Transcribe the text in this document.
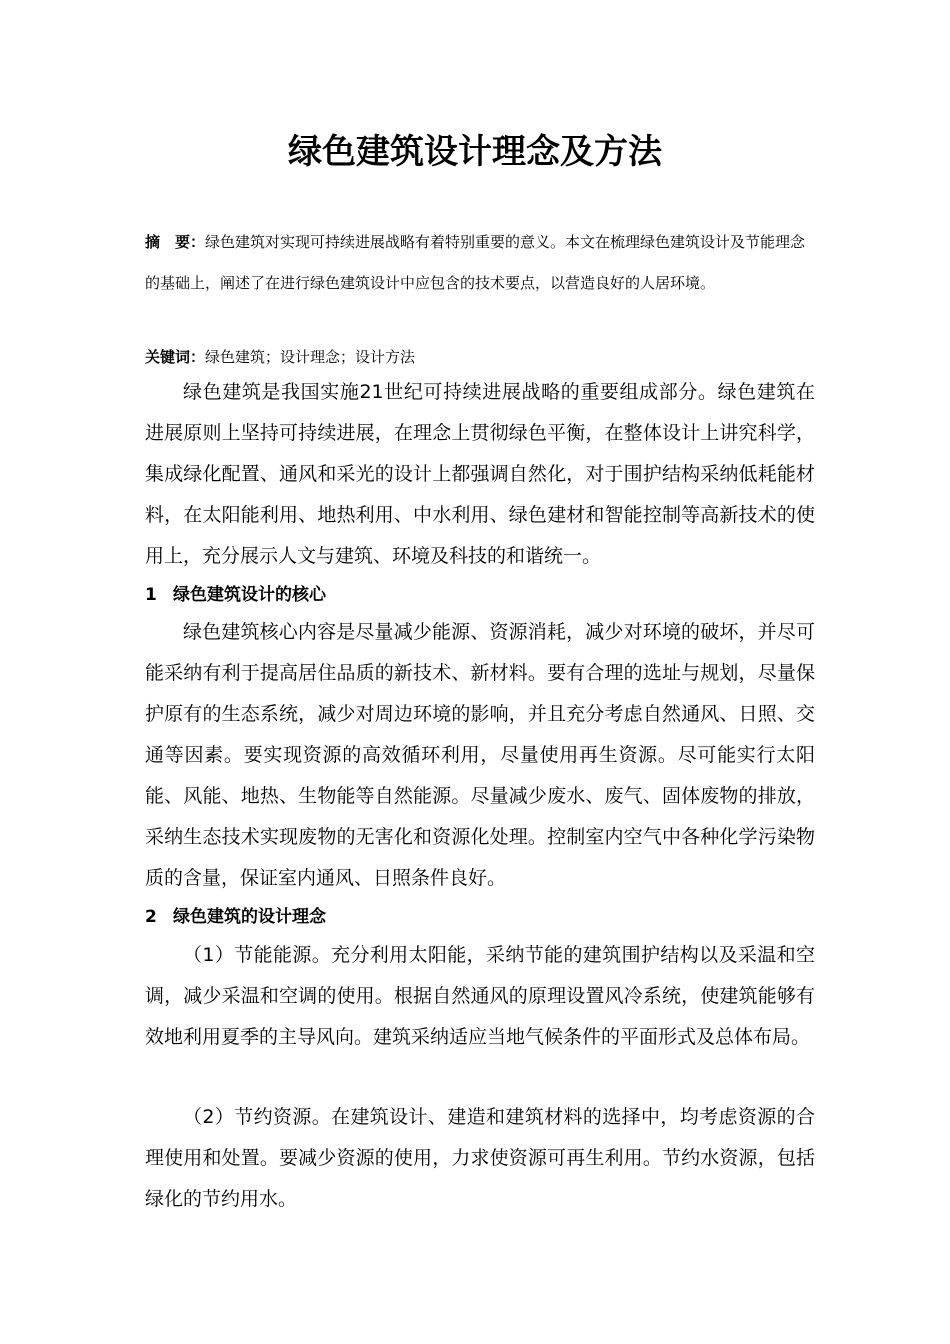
绿色建筑设计理念及方法

摘　要：绿色建筑对实现可持续进展战略有着特别重要的意义。本文在梳理绿色建筑设计及节能理念的基础上，阐述了在进行绿色建筑设计中应包含的技术要点，以营造良好的人居环境。

关键词：绿色建筑；设计理念；设计方法

绿色建筑是我国实施21世纪可持续进展战略的重要组成部分。绿色建筑在进展原则上坚持可持续进展，在理念上贯彻绿色平衡，在整体设计上讲究科学，集成绿化配置、通风和采光的设计上都强调自然化，对于围护结构采纳低耗能材料，在太阳能利用、地热利用、中水利用、绿色建材和智能控制等高新技术的使用上，充分展示人文与建筑、环境及科技的和谐统一。

1 绿色建筑设计的核心

绿色建筑核心内容是尽量减少能源、资源消耗，减少对环境的破坏，并尽可能采纳有利于提高居住品质的新技术、新材料。要有合理的选址与规划，尽量保护原有的生态系统，减少对周边环境的影响，并且充分考虑自然通风、日照、交通等因素。要实现资源的高效循环利用，尽量使用再生资源。尽可能实行太阳能、风能、地热、生物能等自然能源。尽量减少废水、废气、固体废物的排放，采纳生态技术实现废物的无害化和资源化处理。控制室内空气中各种化学污染物质的含量，保证室内通风、日照条件良好。

2 绿色建筑的设计理念

（1）节能能源。充分利用太阳能，采纳节能的建筑围护结构以及采温和空调，减少采温和空调的使用。根据自然通风的原理设置风冷系统，使建筑能够有效地利用夏季的主导风向。建筑采纳适应当地气候条件的平面形式及总体布局。

（2）节约资源。在建筑设计、建造和建筑材料的选择中，均考虑资源的合理使用和处置。要减少资源的使用，力求使资源可再生利用。节约水资源，包括绿化的节约用水。
